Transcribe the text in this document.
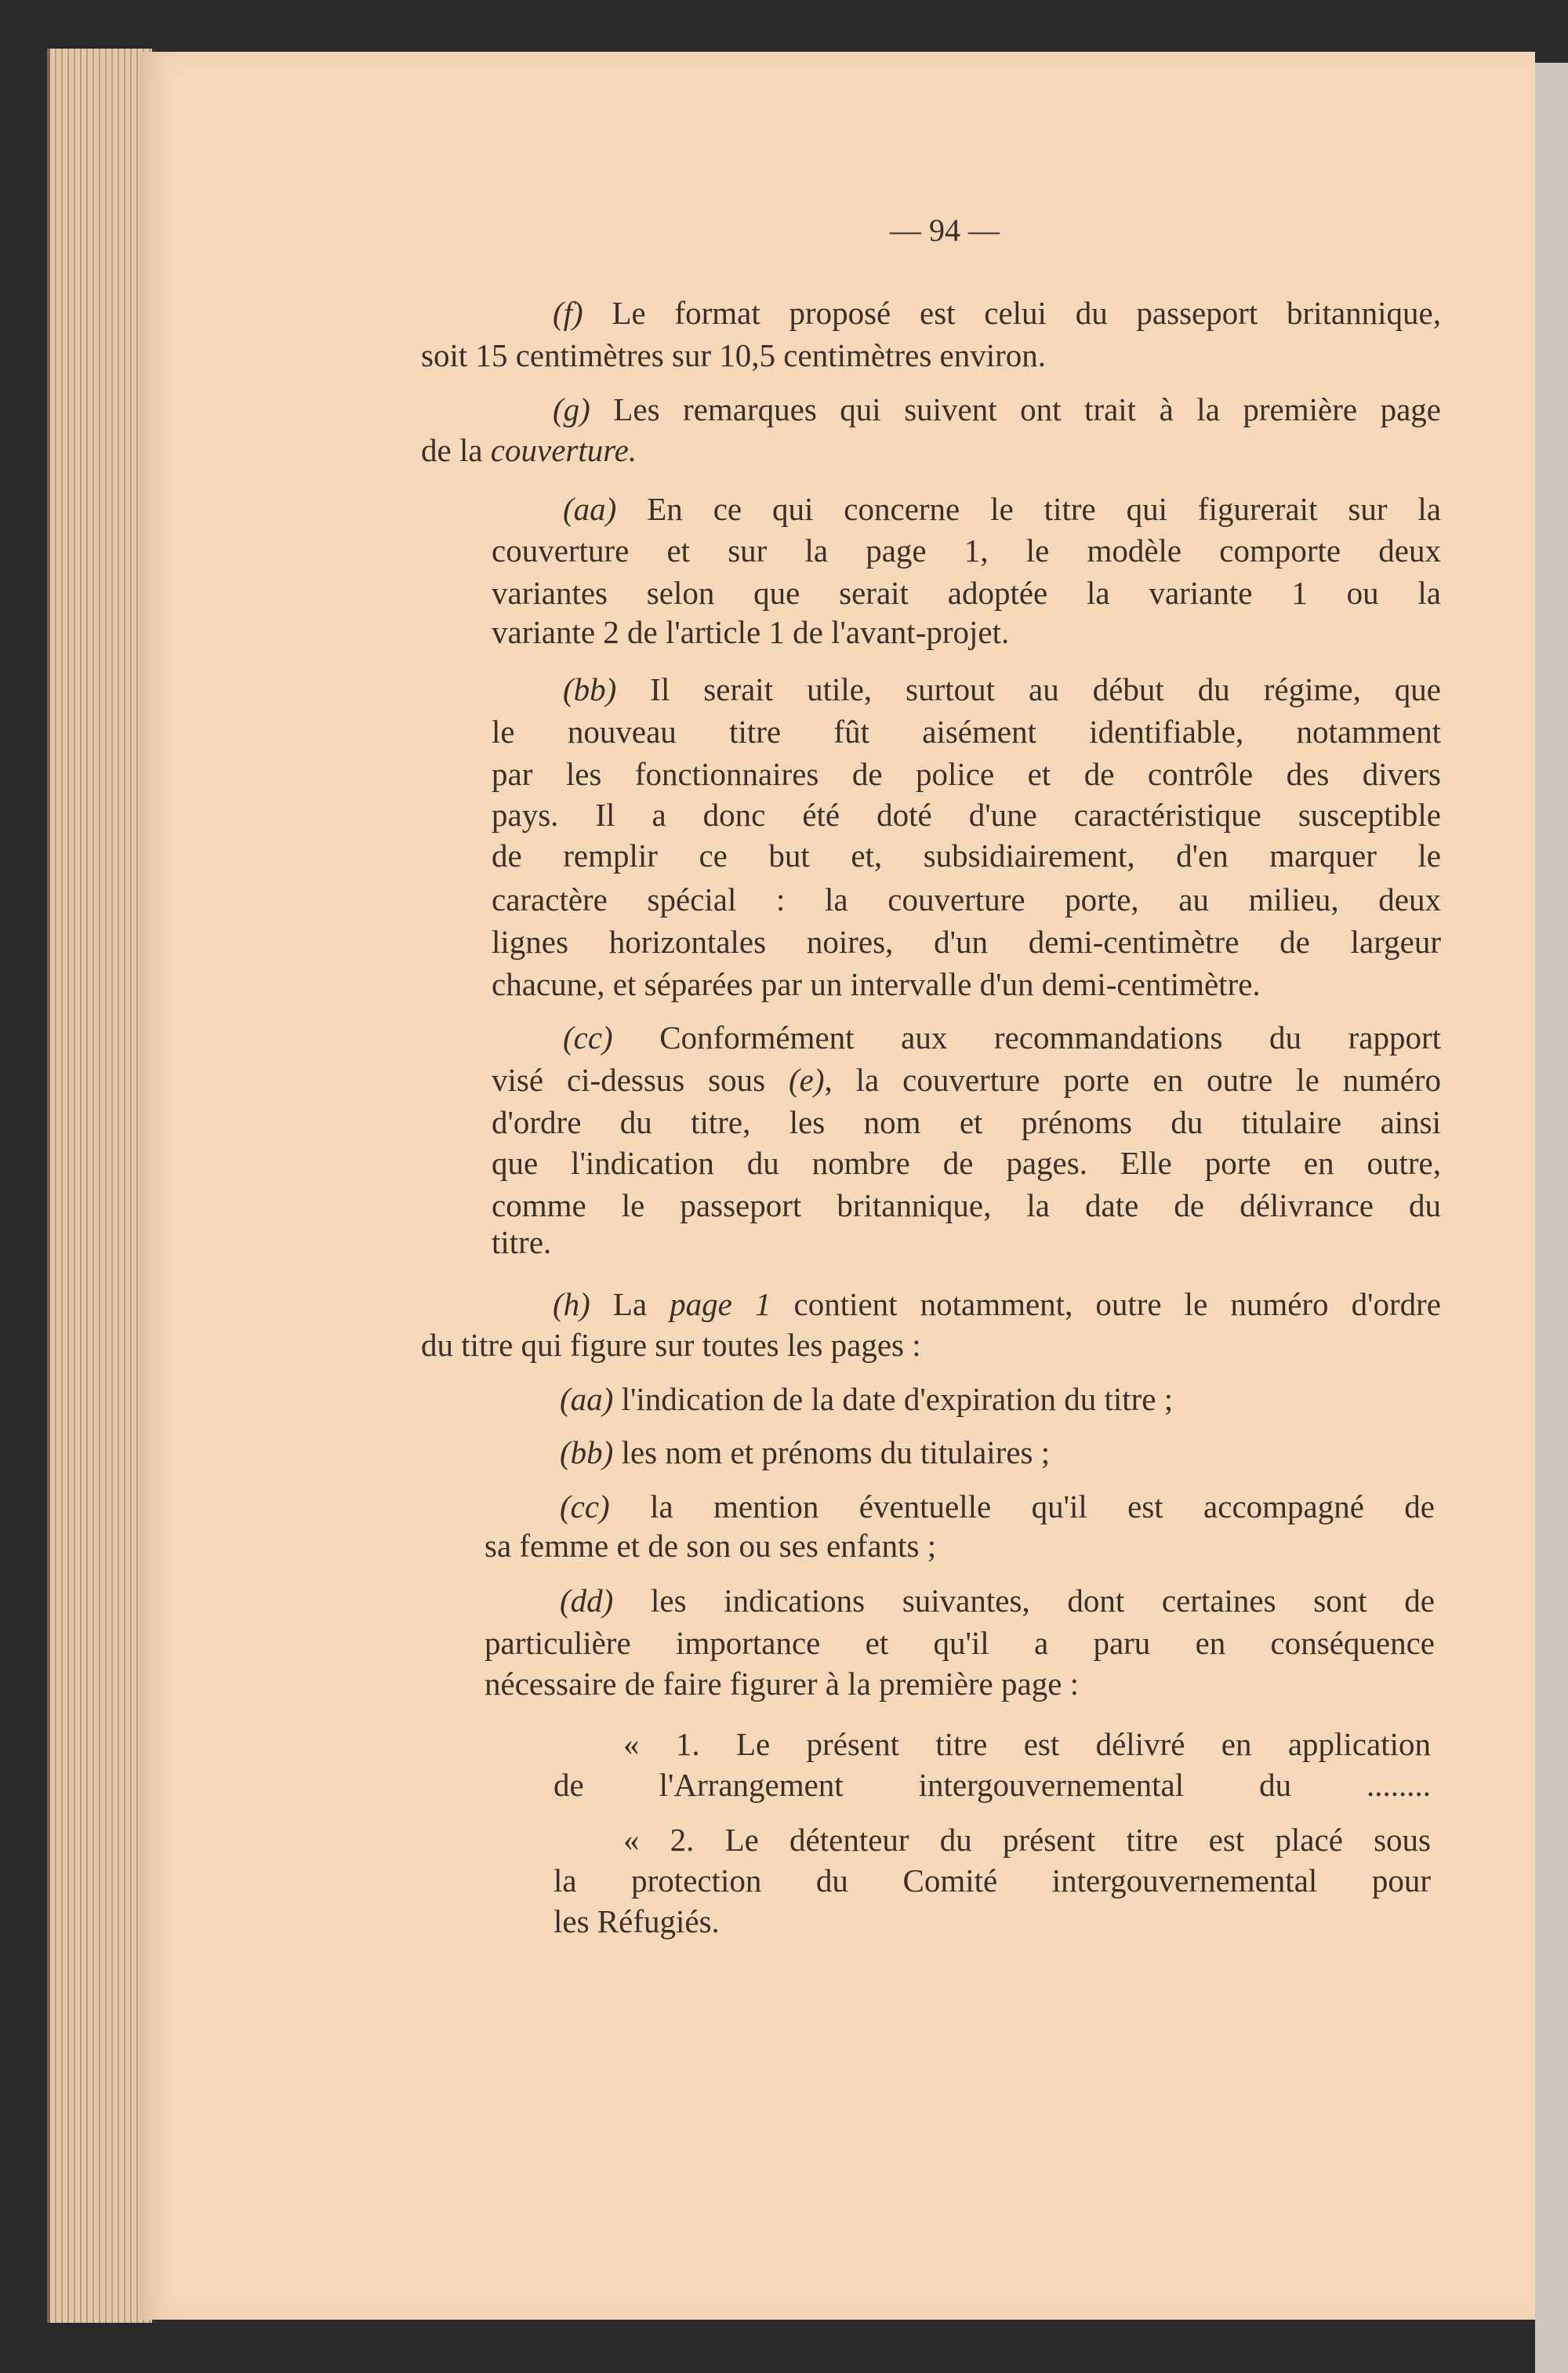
— 94 —
(f) Le format proposé est celui du passeport britannique,
soit 15 centimètres sur 10,5 centimètres environ.
(g) Les remarques qui suivent ont trait à la première page
de la couverture.
(aa) En ce qui concerne le titre qui figurerait sur la
couverture et sur la page 1, le modèle comporte deux
variantes selon que serait adoptée la variante 1 ou la
variante 2 de l'article 1 de l'avant-projet.
(bb) Il serait utile, surtout au début du régime, que
le nouveau titre fût aisément identifiable, notamment
par les fonctionnaires de police et de contrôle des divers
pays. Il a donc été doté d'une caractéristique susceptible
de remplir ce but et, subsidiairement, d'en marquer le
caractère spécial : la couverture porte, au milieu, deux
lignes horizontales noires, d'un demi-centimètre de largeur
chacune, et séparées par un intervalle d'un demi-centimètre.
(cc) Conformément aux recommandations du rapport
visé ci-dessus sous (e), la couverture porte en outre le numéro
d'ordre du titre, les nom et prénoms du titulaire ainsi
que l'indication du nombre de pages. Elle porte en outre,
comme le passeport britannique, la date de délivrance du
titre.
(h) La page 1 contient notamment, outre le numéro d'ordre
du titre qui figure sur toutes les pages :
(aa) l'indication de la date d'expiration du titre ;
(bb) les nom et prénoms du titulaires ;
(cc) la mention éventuelle qu'il est accompagné de
sa femme et de son ou ses enfants ;
(dd) les indications suivantes, dont certaines sont de
particulière importance et qu'il a paru en conséquence
nécessaire de faire figurer à la première page :
« 1. Le présent titre est délivré en application
de l'Arrangement intergouvernemental du ........
« 2. Le détenteur du présent titre est placé sous
la protection du Comité intergouvernemental pour
les Réfugiés.
